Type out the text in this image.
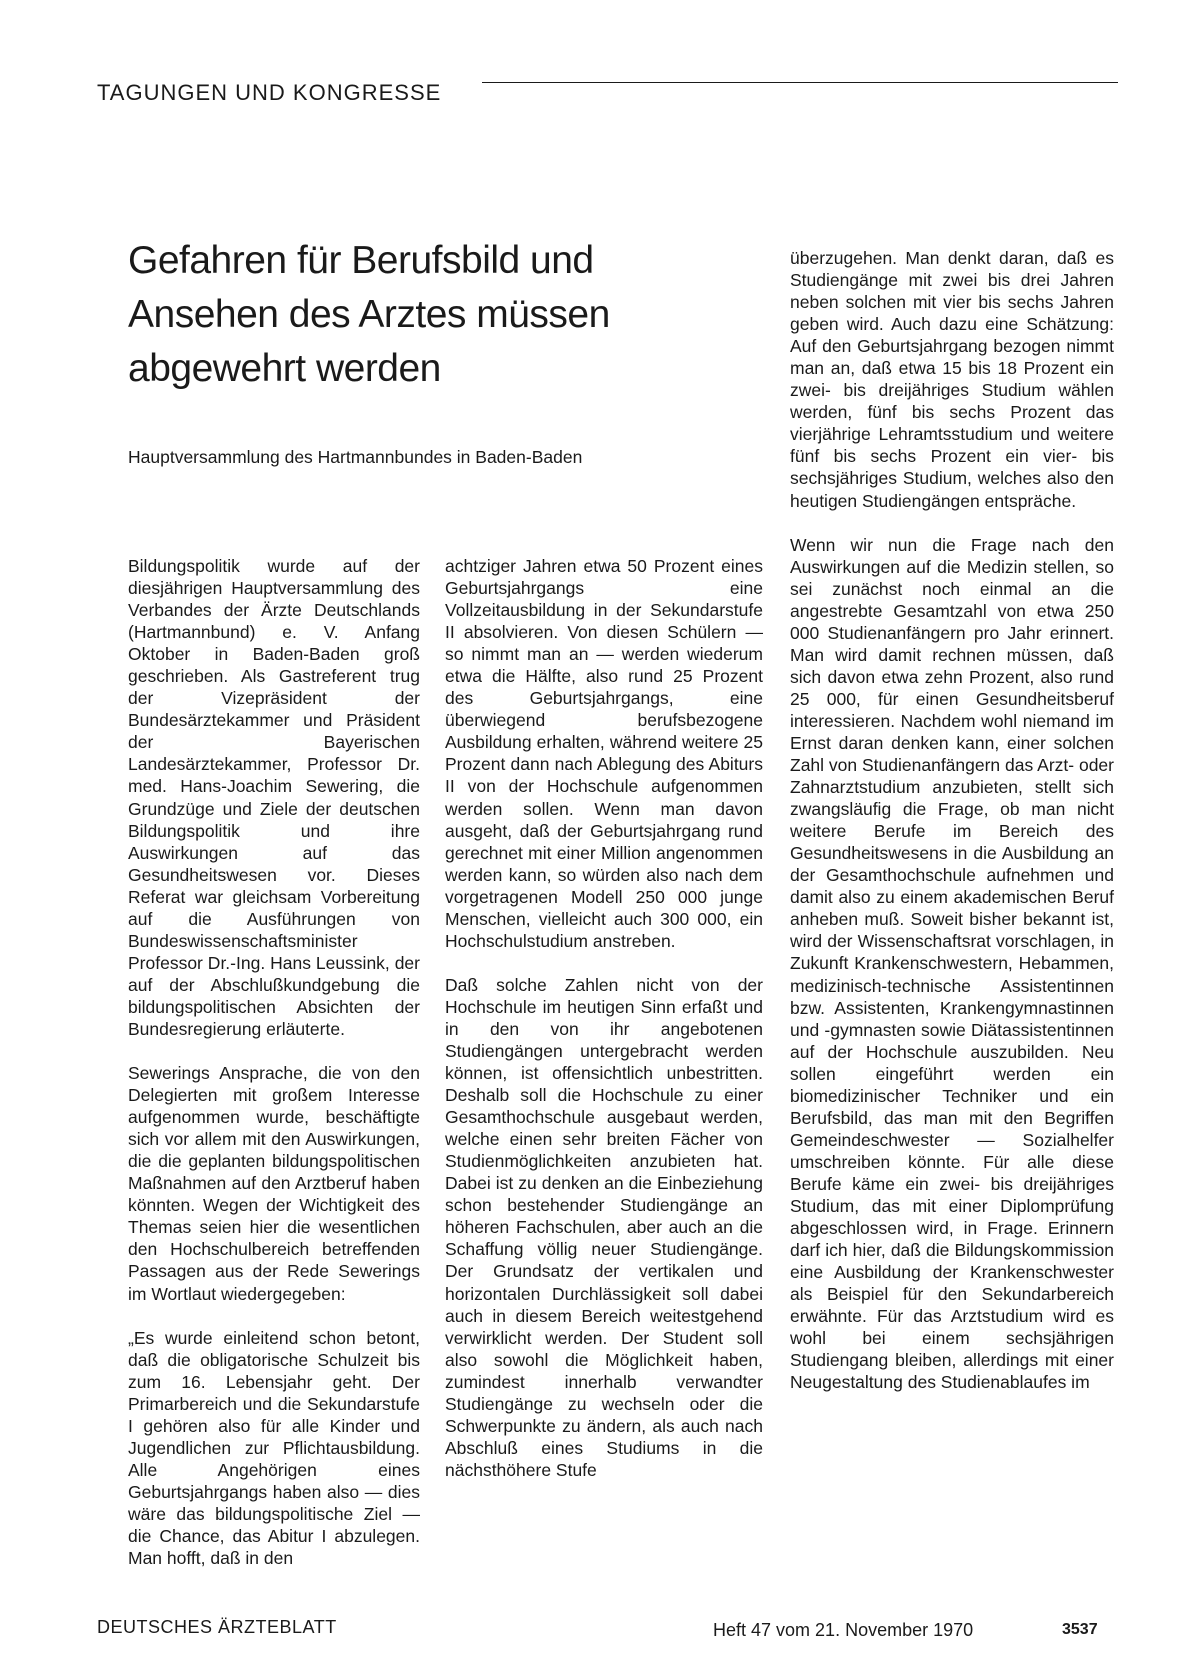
TAGUNGEN UND KONGRESSE
Gefahren für Berufsbild und Ansehen des Arztes müssen abgewehrt werden
Hauptversammlung des Hartmannbundes in Baden-Baden

Bildungspolitik wurde auf der diesjährigen Hauptversammlung des Verbandes der Ärzte Deutschlands (Hartmannbund) e. V. Anfang Oktober in Baden-Baden groß geschrieben. Als Gastreferent trug der Vizepräsident der Bundesärztekammer und Präsident der Bayerischen Landesärztekammer, Professor Dr. med. Hans-Joachim Sewering, die Grundzüge und Ziele der deutschen Bildungspolitik und ihre Auswirkungen auf das Gesundheitswesen vor. Dieses Referat war gleichsam Vorbereitung auf die Ausführungen von Bundeswissenschaftsminister Professor Dr.-Ing. Hans Leussink, der auf der Abschlußkundgebung die bildungspolitischen Absichten der Bundesregierung erläuterte.

Sewerings Ansprache, die von den Delegierten mit großem Interesse aufgenommen wurde, beschäftigte sich vor allem mit den Auswirkungen, die die geplanten bildungspolitischen Maßnahmen auf den Arztberuf haben könnten. Wegen der Wichtigkeit des Themas seien hier die wesentlichen den Hochschulbereich betreffenden Passagen aus der Rede Sewerings im Wortlaut wiedergegeben:

„Es wurde einleitend schon betont, daß die obligatorische Schulzeit bis zum 16. Lebensjahr geht. Der Primarbereich und die Sekundarstufe I gehören also für alle Kinder und Jugendlichen zur Pflichtausbildung. Alle Angehörigen eines Geburtsjahrgangs haben also — dies wäre das bildungspolitische Ziel — die Chance, das Abitur I abzulegen. Man hofft, daß in den

achtziger Jahren etwa 50 Prozent eines Geburtsjahrgangs eine Vollzeitausbildung in der Sekundarstufe II absolvieren. Von diesen Schülern — so nimmt man an — werden wiederum etwa die Hälfte, also rund 25 Prozent des Geburtsjahrgangs, eine überwiegend berufsbezogene Ausbildung erhalten, während weitere 25 Prozent dann nach Ablegung des Abiturs II von der Hochschule aufgenommen werden sollen. Wenn man davon ausgeht, daß der Geburtsjahrgang rund gerechnet mit einer Million angenommen werden kann, so würden also nach dem vorgetragenen Modell 250 000 junge Menschen, vielleicht auch 300 000, ein Hochschulstudium anstreben.

Daß solche Zahlen nicht von der Hochschule im heutigen Sinn erfaßt und in den von ihr angebotenen Studiengängen untergebracht werden können, ist offensichtlich unbestritten. Deshalb soll die Hochschule zu einer Gesamthochschule ausgebaut werden, welche einen sehr breiten Fächer von Studienmöglichkeiten anzubieten hat. Dabei ist zu denken an die Einbeziehung schon bestehender Studiengänge an höheren Fachschulen, aber auch an die Schaffung völlig neuer Studiengänge. Der Grundsatz der vertikalen und horizontalen Durchlässigkeit soll dabei auch in diesem Bereich weitestgehend verwirklicht werden. Der Student soll also sowohl die Möglichkeit haben, zumindest innerhalb verwandter Studiengänge zu wechseln oder die Schwerpunkte zu ändern, als auch nach Abschluß eines Studiums in die nächsthöhere Stufe

überzugehen. Man denkt daran, daß es Studiengänge mit zwei bis drei Jahren neben solchen mit vier bis sechs Jahren geben wird. Auch dazu eine Schätzung: Auf den Geburtsjahrgang bezogen nimmt man an, daß etwa 15 bis 18 Prozent ein zwei- bis dreijähriges Studium wählen werden, fünf bis sechs Prozent das vierjährige Lehramtsstudium und weitere fünf bis sechs Prozent ein vier- bis sechsjähriges Studium, welches also den heutigen Studiengängen entspräche.

Wenn wir nun die Frage nach den Auswirkungen auf die Medizin stellen, so sei zunächst noch einmal an die angestrebte Gesamtzahl von etwa 250 000 Studienanfängern pro Jahr erinnert. Man wird damit rechnen müssen, daß sich davon etwa zehn Prozent, also rund 25 000, für einen Gesundheitsberuf interessieren. Nachdem wohl niemand im Ernst daran denken kann, einer solchen Zahl von Studienanfängern das Arzt- oder Zahnarztstudium anzubieten, stellt sich zwangsläufig die Frage, ob man nicht weitere Berufe im Bereich des Gesundheitswesens in die Ausbildung an der Gesamthochschule aufnehmen und damit also zu einem akademischen Beruf anheben muß. Soweit bisher bekannt ist, wird der Wissenschaftsrat vorschlagen, in Zukunft Krankenschwestern, Hebammen, medizinisch-technische Assistentinnen bzw. Assistenten, Krankengymnastinnen und -gymnasten sowie Diätassistentinnen auf der Hochschule auszubilden. Neu sollen eingeführt werden ein biomedizinischer Techniker und ein Berufsbild, das man mit den Begriffen Gemeindeschwester — Sozialhelfer umschreiben könnte. Für alle diese Berufe käme ein zwei- bis dreijähriges Studium, das mit einer Diplomprüfung abgeschlossen wird, in Frage. Erinnern darf ich hier, daß die Bildungskommission eine Ausbildung der Krankenschwester als Beispiel für den Sekundarbereich erwähnte. Für das Arztstudium wird es wohl bei einem sechsjährigen Studiengang bleiben, allerdings mit einer Neugestaltung des Studienablaufes im

DEUTSCHES ÄRZTEBLATT	Heft 47 vom 21. November 1970	3537
